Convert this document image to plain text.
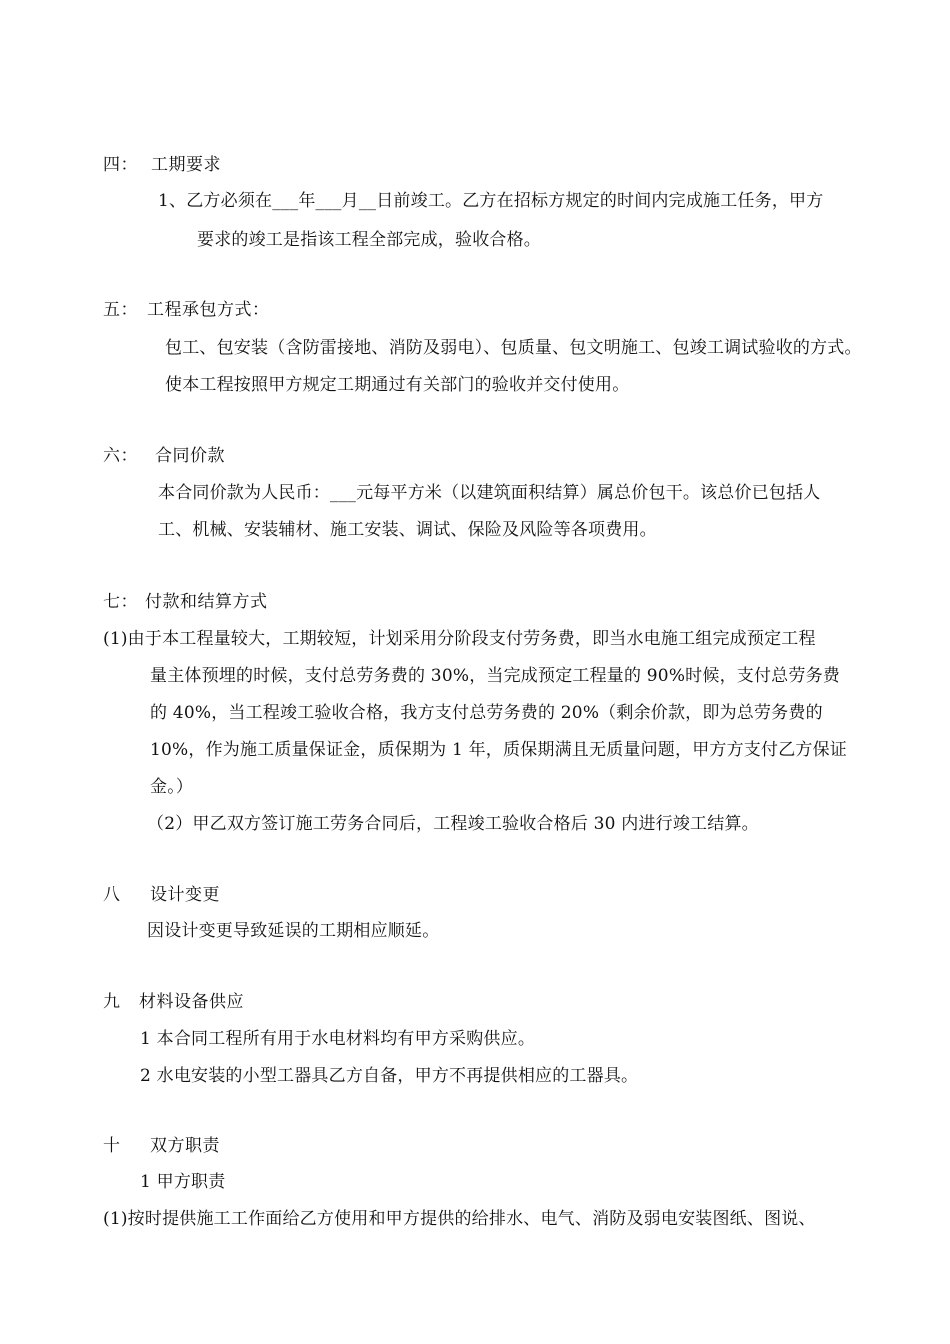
四： 工期要求
1、乙方必须在___年___月__日前竣工。乙方在招标方规定的时间内完成施工任务，甲方
要求的竣工是指该工程全部完成，验收合格。
五： 工程承包方式：
包工、包安装（含防雷接地、消防及弱电）、包质量、包文明施工、包竣工调试验收的方式。
使本工程按照甲方规定工期通过有关部门的验收并交付使用。
六： 合同价款
本合同价款为人民币：___元每平方米（以建筑面积结算）属总价包干。该总价已包括人
工、机械、安装辅材、施工安装、调试、保险及风险等各项费用。
七： 付款和结算方式
(1)由于本工程量较大，工期较短，计划采用分阶段支付劳务费，即当水电施工组完成预定工程
量主体预埋的时候，支付总劳务费的 30%，当完成预定工程量的 90%时候，支付总劳务费
的 40%，当工程竣工验收合格，我方支付总劳务费的 20%（剩余价款，即为总劳务费的
10%，作为施工质量保证金，质保期为 1 年，质保期满且无质量问题，甲方方支付乙方保证
金。）
（2）甲乙双方签订施工劳务合同后，工程竣工验收合格后 30 内进行竣工结算。
八 设计变更
因设计变更导致延误的工期相应顺延。
九 材料设备供应
1 本合同工程所有用于水电材料均有甲方采购供应。
2 水电安装的小型工器具乙方自备，甲方不再提供相应的工器具。
十 双方职责
1 甲方职责
(1)按时提供施工工作面给乙方使用和甲方提供的给排水、电气、消防及弱电安装图纸、图说、
